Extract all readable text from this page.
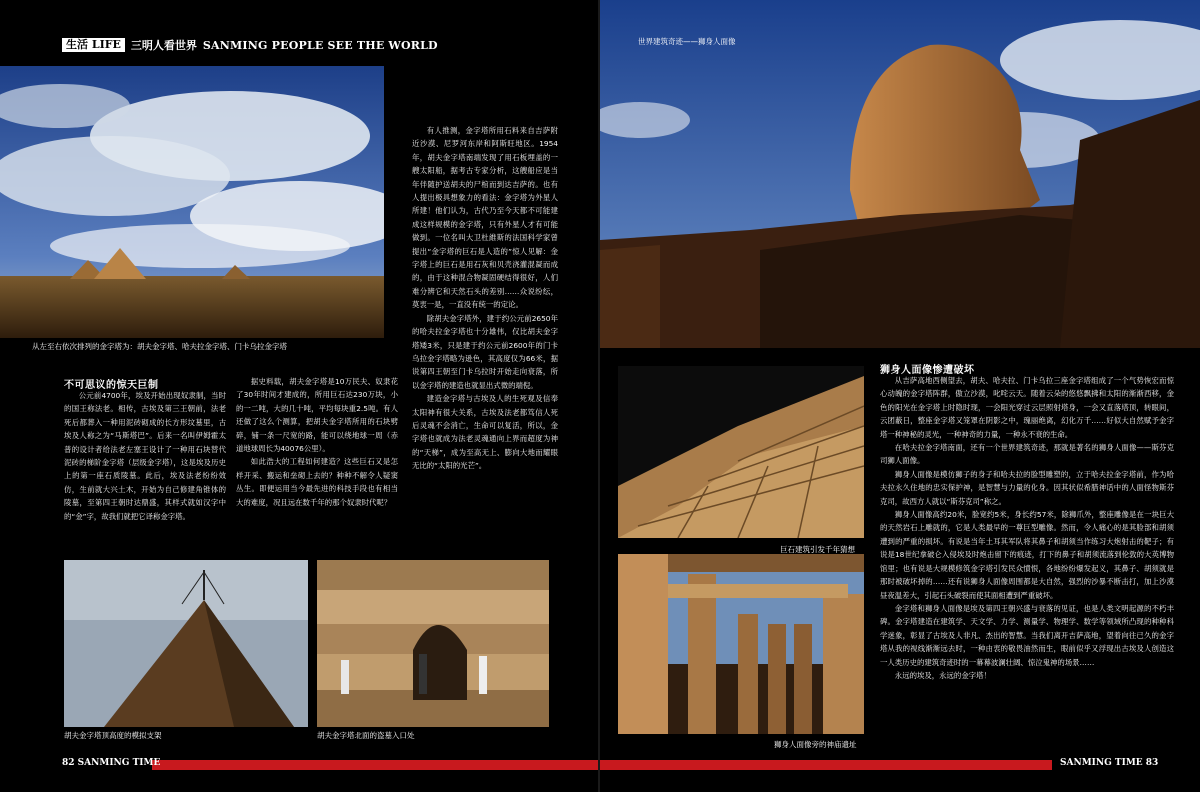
生活 LIFE 三明人看世界 SANMING PEOPLE SEE THE WORLD
从左至右依次排列的金字塔为：胡夫金字塔、哈夫拉金字塔、门卡乌拉金字塔
不可思议的惊天巨制

公元前4700年，埃及开始出现奴隶制，当时的国王称法老。相传，古埃及第三王朝前，法老死后都葬入一种用泥砖砌成的长方形坟墓里，古埃及人称之为“马斯塔巴”。后来一名叫伊姆霍太普的设计者给法老左塞王设计了一种用石块替代泥砖的梯阶金字塔（层级金字塔），这是埃及历史上的第一座石质陵墓。此后，埃及法老纷纷效仿，生前就大兴土木，开始为自己修建角锥体的陵墓，至第四王朝时达鼎盛，其样式就如汉字中的“金”字，故我们就把它译称金字塔。

据史料载，胡夫金字塔是10万民夫、奴隶花了30年时间才建成的，所用巨石达230万块，小的一二吨，大的几十吨，平均每块重2.5吨。有人还做了这么个测算，把胡夫金字塔所用的石块劈碎，铺一条一尺宽的路，能可以绕地球一周（赤道地球周长为40076公里）。

如此浩大的工程如何建造？这些巨石又是怎样开采、搬运和垒砌上去的？种种不解令人疑窦丛生。即便运用当今最先进的科技手段也有相当大的难度，况且远在数千年的那个奴隶时代呢？

有人推测，金字塔所用石料来自吉萨附近沙漠、尼罗河东岸和阿斯旺地区。1954年，胡夫金字塔南端发现了用石板埋盖的一艘太阳船，据考古专家分析，这艘船应是当年伴随护送胡夫的尸棺而到达吉萨的。也有人提出极具想象力的看法：金字塔为外星人所建！他们认为，古代乃至今天都不可能建成这样规模的金字塔，只有外星人才有可能做到。一位名叫大卫杜維斯的法国科学家曾提出“金字塔的巨石是人造的”惊人见解：金字塔上的巨石是用石灰和贝壳浇灌混凝而成的，由于这种混合物凝固硬结得很好，人们难分辨它和天然石头的差别……众说纷纭，莫衷一是，一直没有统一的定论。

除胡夫金字塔外，建于约公元前2650年的哈夫拉金字塔也十分雄伟，仅比胡夫金字塔矮3米，只是建于约公元前2600年的门卡乌拉金字塔略为逊色，其高度仅为66米，据说第四王朝至门卡乌拉时开始走向衰落，所以金字塔的建造也就显出式微的端倪。

建造金字塔与古埃及人的生死观及信奉太阳神有很大关系，古埃及法老都笃信人死后灵魂不会消亡，生命可以复活，所以，金字塔也就成为法老灵魂通向上界而超度为神的“天梯”，成为至高无上、膨向大地而耀眼无比的“太阳的光芒”。

胡夫金字塔顶高度的模拟支架	胡夫金字塔北面的盗墓入口处
82 SANMING TIME
世界建筑奇迹——狮身人面像
巨石建筑引发千年猜想
狮身人面像旁的神庙遗址
狮身人面像惨遭破坏

从吉萨高地西侧望去，胡夫、哈夫拉、门卡乌拉三座金字塔组成了一个气势恢宏而惊心动魄的金字塔阵群，傲立沙漠，叱咤云天。随着云朵的悠悠飘拂和太阳的渐渐西移，金色的阳光在金字塔上时隐时现，一会阳光穿过云层照射塔身，一会又直落塔顶，转眼间，云团蔽日，整座金字塔又笼罩在阴影之中，瑰丽绝离，幻化万千……好似大自然赋予金字塔一种神秘的灵光，一种神奇的力量，一种永不衰的生命。

在哈夫拉金字塔南面，还有一个世界建筑奇迹，那就是著名的狮身人面像——斯芬克司狮人面像。

狮身人面像是模仿狮子的身子和哈夫拉的脸型雕塑的，立于哈夫拉金字塔前，作为哈夫拉永久住地的忠实保护神，是智慧与力量的化身。因其状似希腊神话中的人面怪物斯芬克司，故西方人就以“斯芬克司”称之。

狮身人面像高约20米，脸宽约5米，身长约57米，除狮爪外，整座雕像是在一块巨大的天然岩石上雕就的，它是人类最早的一尊巨型雕像。然而，令人痛心的是其脸部和胡须遭到的严重的损坏。有说是当年土耳其军队将其鼻子和胡须当作练习大炮射击的靶子；有说是18世纪拿破仑入侵埃及时炮击留下的痕迹，打下的鼻子和胡须流落到伦敦的大英博物馆里；也有说是大规模修筑金字塔引发民众憤恨，各地纷纷爆发起义，其鼻子、胡须就是那时被破坏掉的……还有说狮身人面像周围都是大自然，强烈的沙暴不断击打，加上沙漠昼夜温差大，引起石头破裂而使其面相遭到严重破坏。

金字塔和狮身人面像是埃及第四王朝兴盛与衰落的见证，也是人类文明起源的不朽丰碑。金字塔建造在建筑学、天文学、力学、测量学、物理学、数学等领域所凸现的种种科学迷象，彰显了古埃及人非凡、杰出的智慧。当我们离开吉萨高地，望着向往已久的金字塔从我的视线渐渐远去时，一种由衷的敬畏油然而生，眼前似乎又浮现出古埃及人创造这一人类历史的建筑奇迹时的一幕幕波澜壮阔、惊泣鬼神的场景……

永远的埃及，永远的金字塔！

SANMING TIME 83
